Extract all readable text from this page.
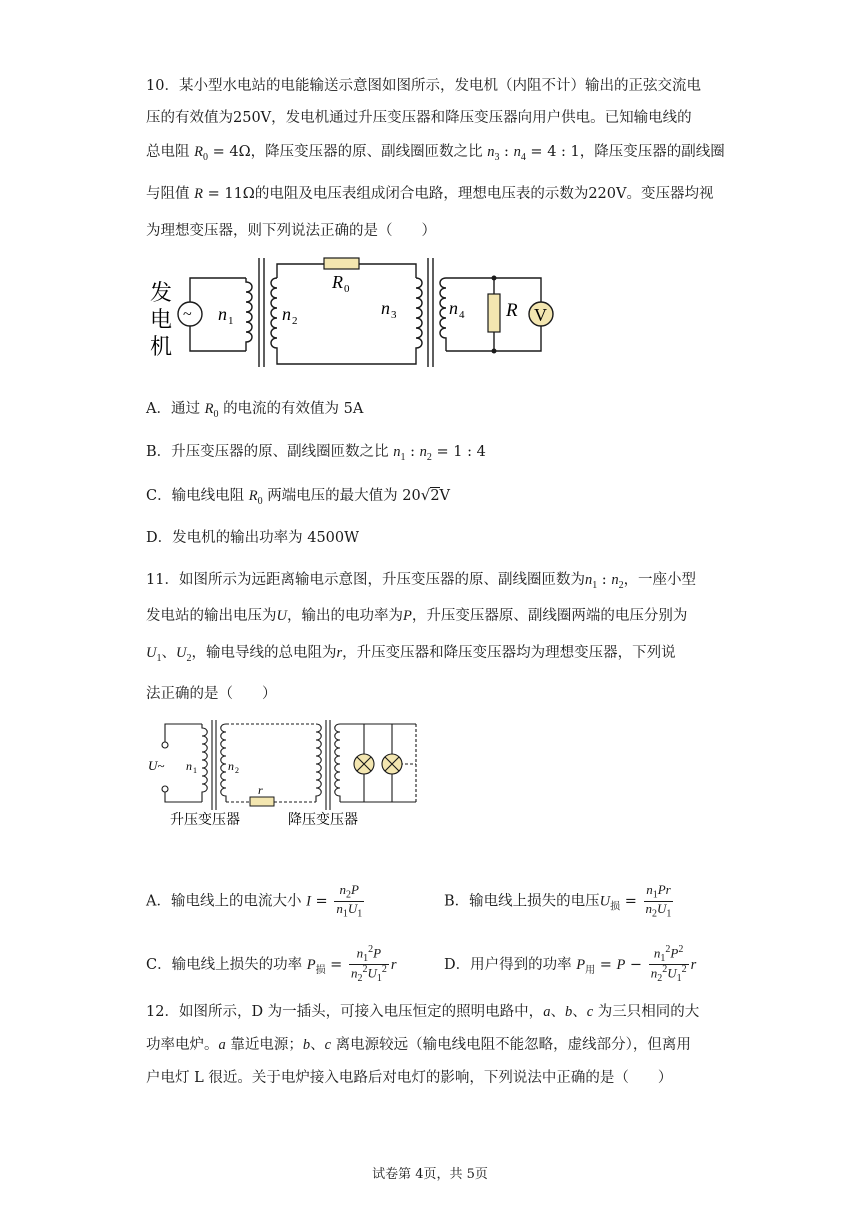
10．某小型水电站的电能输送示意图如图所示，发电机（内阻不计）输出的正弦交流电
压的有效值为250V，发电机通过升压变压器和降压变压器向用户供电。已知输电线的
总电阻 $R_0 = 4\Omega$，降压变压器的原、副线圈匝数之比 $n_3$ : $n_4 = 4$ : 1，降压变压器的副线圈
与阻值 R = 11Ω的电阻及电压表组成闭合电路，理想电压表的示数为220V。变压器均视
为理想变压器，则下列说法正确的是（　　）
V
~
发
电
机
n 1	n 2
n 3	n 4
R 0
R
A．通过 $R_0$ 的电流的有效值为 5A
B．升压变压器的原、副线圈匝数之比 $n_1$ : $n_2 = 1$ : 4
C．输电线电阻 $R_0$ 两端电压的最大值为 20√2V
D．发电机的输出功率为 4500W
11．如图所示为远距离输电示意图，升压变压器的原、副线圈匝数为$n_1$ : $n_2$，一座小型
发电站的输出电压为U，输出的电功率为P，升压变压器原、副线圈两端的电压分别为
$U_1$、$U_2$，输电导线的总电阻为r，升压变压器和降压变压器均为理想变压器，下列说
法正确的是（　　）
U~ n 1	n 2
r
升压变压器	降压变压器
A．输电线上的电流大小 $I = \frac{n_2P}{n_1U_1}$	B．输电线上损失的电压$U_损 = \frac{n_1Pr}{n_2U_1}$
C．输电线上损失的功率 $P_损 = \frac{n_1^2P}{n_2^2U_1^2}$ r	D．用户得到的功率 $P_用 = P - \frac{n_1^2P^2}{n_2^2U_1^2}$ r
12．如图所示，D 为一插头，可接入电压恒定的照明电路中，a、b、c 为三只相同的大
功率电炉。a 靠近电源；b、c 离电源较远（输电线电阻不能忽略，虚线部分），但离用
户电灯 L 很近。关于电炉接入电路后对电灯的影响，下列说法中正确的是（　　）
试卷第 4页，共 5页
